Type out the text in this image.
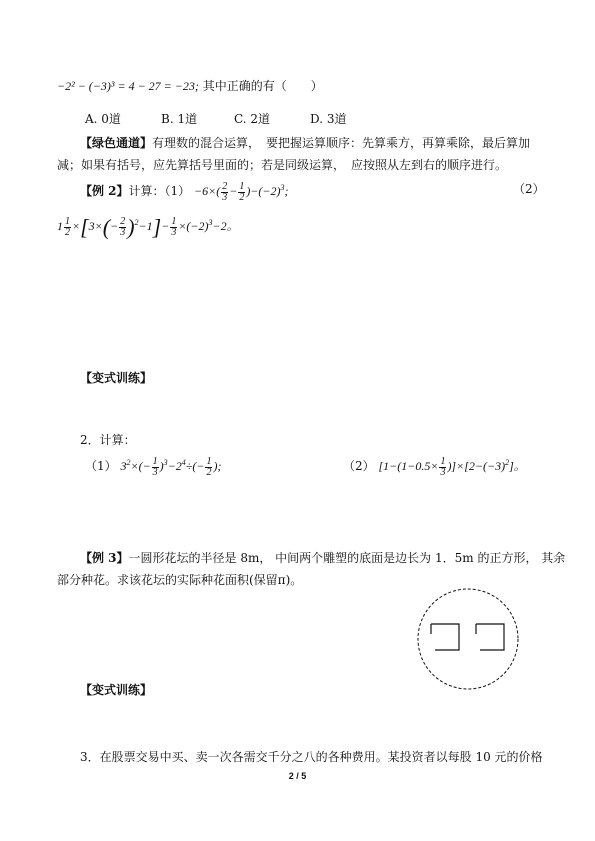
−2² − (−3)³ = 4 − 27 = −23; 其中正确的有（　　）
A. 0道	B. 1道	C. 2道	D. 3道
【绿色通道】有理数的混合运算，　要把握运算顺序：先算乘方，再算乘除，最后算加
减；如果有括号，应先算括号里面的；若是同级运算，　应按照从左到右的顺序进行。
【例 2】计算：$(1) -6\times( \frac{2}{3} - \frac{1}{2} )-(-2)^3$;	（2）
$1 \frac{1}{2} \times[3\times(- \frac{2}{3} )^2-1]- \frac{1}{3} \times(-2)^3-2$。
【变式训练】
2．计算：
（1） $3^2\times(- \frac{1}{3} )^3-2^4\div(- \frac{1}{2}$ );	（2） $[1-(1-0.5\times \frac{1}{3} )]\times[2-(-3)^2]$。
【例 3】一圆形花坛的半径是 8m， 中间两个雕塑的底面是边长为 1．5m 的正方形， 其余
部分种花。求该花坛的实际种花面积(保留π)。
【变式训练】
3．在股票交易中买、卖一次各需交千分之八的各种费用。某投资者以每股 10 元的价格
2 / 5
